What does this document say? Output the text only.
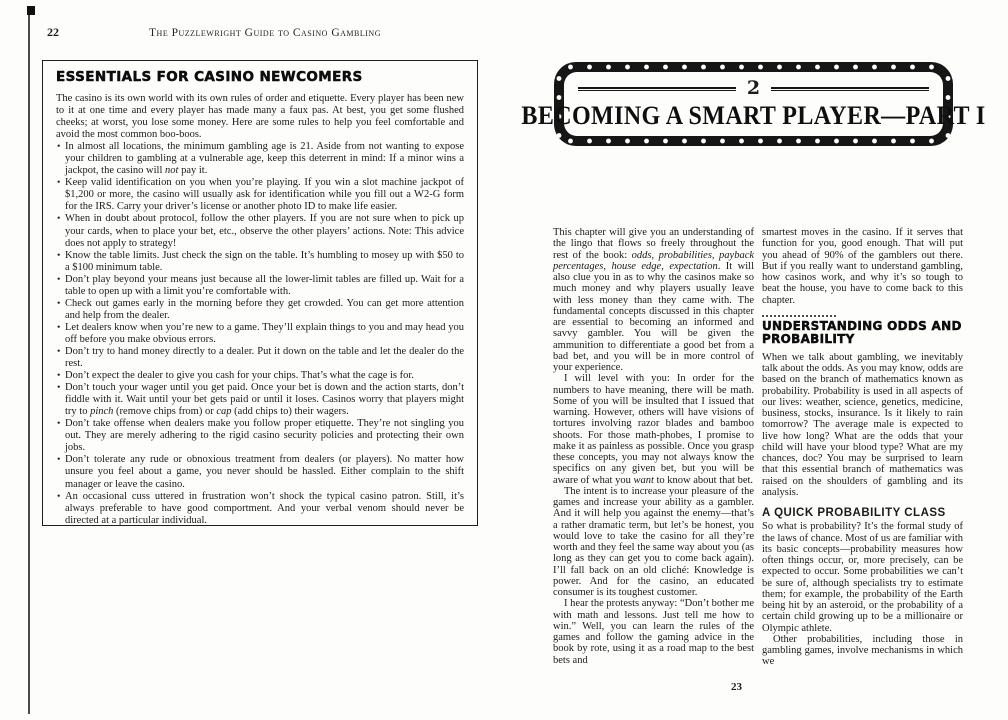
22	The Puzzlewright Guide to Casino Gambling
ESSENTIALS FOR CASINO NEWCOMERS

The casino is its own world with its own rules of order and etiquette. Every player has been new to it at one time and every player has made many a faux pas. At best, you get some flushed cheeks; at worst, you lose some money. Here are some rules to help you feel comfortable and avoid the most common boo-boos.

• In almost all locations, the minimum gambling age is 21. Aside from not wanting to expose your children to gambling at a vulnerable age, keep this deterrent in mind: If a minor wins a jackpot, the casino will not pay it.

• Keep valid identification on you when you’re playing. If you win a slot machine jackpot of $1,200 or more, the casino will usually ask for identification while you fill out a W2-G form for the IRS. Carry your driver’s license or another photo ID to make life easier.

• When in doubt about protocol, follow the other players. If you are not sure when to pick up your cards, when to place your bet, etc., observe the other players’ actions. Note: This advice does not apply to strategy!

• Know the table limits. Just check the sign on the table. It’s humbling to mosey up with $50 to a $100 minimum table.

• Don’t play beyond your means just because all the lower-limit tables are filled up. Wait for a table to open up with a limit you’re comfortable with.

• Check out games early in the morning before they get crowded. You can get more attention and help from the dealer.

• Let dealers know when you’re new to a game. They’ll explain things to you and may head you off before you make obvious errors.

• Don’t try to hand money directly to a dealer. Put it down on the table and let the dealer do the rest.

• Don’t expect the dealer to give you cash for your chips. That’s what the cage is for.

• Don’t touch your wager until you get paid. Once your bet is down and the action starts, don’t fiddle with it. Wait until your bet gets paid or until it loses. Casinos worry that players might try to pinch (remove chips from) or cap (add chips to) their wagers.

• Don’t take offense when dealers make you follow proper etiquette. They’re not singling you out. They are merely adhering to the rigid casino security policies and protecting their own jobs.

• Don’t tolerate any rude or obnoxious treatment from dealers (or players). No matter how unsure you feel about a game, you never should be hassled. Either complain to the shift manager or leave the casino.

• An occasional cuss uttered in frustration won’t shock the typical casino patron. Still, it’s always preferable to have good comportment. And your verbal venom should never be directed at a particular individual.

2
BECOMING A SMART PLAYER—PART I

This chapter will give you an understanding of the lingo that flows so freely throughout the rest of the book: odds, probabilities, payback percentages, house edge, expectation. It will also clue you in as to why the casinos make so much money and why players usually leave with less money than they came with. The fundamental concepts discussed in this chapter are essential to becoming an informed and savvy gambler. You will be given the ammunition to differentiate a good bet from a bad bet, and you will be in more control of your experience.

I will level with you: In order for the numbers to have meaning, there will be math. Some of you will be insulted that I issued that warning. However, others will have visions of tortures involving razor blades and bamboo shoots. For those math-phobes, I promise to make it as painless as possible. Once you grasp these concepts, you may not always know the specifics on any given bet, but you will be aware of what you want to know about that bet.

The intent is to increase your pleasure of the games and increase your ability as a gambler. And it will help you against the enemy—that’s a rather dramatic term, but let’s be honest, you would love to take the casino for all they’re worth and they feel the same way about you (as long as they can get you to come back again). I’ll fall back on an old cliché: Knowledge is power. And for the casino, an educated consumer is its toughest customer.

I hear the protests anyway: “Don’t bother me with math and lessons. Just tell me how to win.” Well, you can learn the rules of the games and follow the gaming advice in the book by rote, using it as a road map to the best bets and

smartest moves in the casino. If it serves that function for you, good enough. That will put you ahead of 90% of the gamblers out there. But if you really want to understand gambling, how casinos work, and why it’s so tough to beat the house, you have to come back to this chapter.

UNDERSTANDING ODDS AND PROBABILITY

When we talk about gambling, we inevitably talk about the odds. As you may know, odds are based on the branch of mathematics known as probability. Probability is used in all aspects of our lives: weather, science, genetics, medicine, business, stocks, insurance. Is it likely to rain tomorrow? The average male is expected to live how long? What are the odds that your child will have your blood type? What are my chances, doc? You may be surprised to learn that this essential branch of mathematics was raised on the shoulders of gambling and its analysis.

A QUICK PROBABILITY CLASS

So what is probability? It’s the formal study of the laws of chance. Most of us are familiar with its basic concepts—probability measures how often things occur, or, more precisely, can be expected to occur. Some probabilities we can’t be sure of, although specialists try to estimate them; for example, the probability of the Earth being hit by an asteroid, or the probability of a certain child growing up to be a millionaire or Olympic athlete.

Other probabilities, including those in gambling games, involve mechanisms in which we

23
